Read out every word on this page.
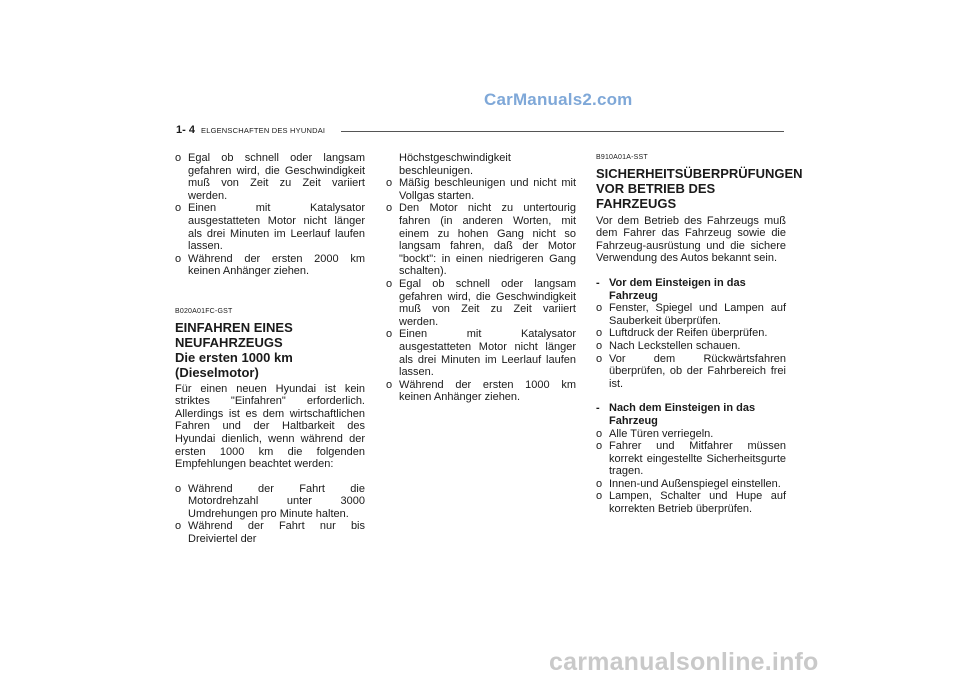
CarManuals2.com
1- 4 ELGENSCHAFTEN DES HYUNDAI
o Egal ob schnell oder langsam gefahren wird, die Geschwindigkeit muß von Zeit zu Zeit variiert werden.
o Einen mit Katalysator ausgestatteten Motor nicht länger als drei Minuten im Leerlauf laufen lassen.
o Während der ersten 2000 km keinen Anhänger ziehen.
B020A01FC-GST
EINFAHREN EINES
NEUFAHRZEUGS
Die ersten 1000 km
(Dieselmotor)
Für einen neuen Hyundai ist kein striktes "Einfahren" erforderlich. Allerdings ist es dem wirtschaftlichen Fahren und der Haltbarkeit des Hyundai dienlich, wenn während der ersten 1000 km die folgenden Empfehlungen beachtet werden:
o Während der Fahrt die Motordrehzahl unter 3000 Umdrehungen pro Minute halten.
o Während der Fahrt nur bis Dreiviertel der
Höchstgeschwindigkeit beschleunigen.
o Mäßig beschleunigen und nicht mit Vollgas starten.
o Den Motor nicht zu untertourig fahren (in anderen Worten, mit einem zu hohen Gang nicht so langsam fahren, daß der Motor "bockt": in einen niedrigeren Gang schalten).
o Egal ob schnell oder langsam gefahren wird, die Geschwindigkeit muß von Zeit zu Zeit variiert werden.
o Einen mit Katalysator ausgestatteten Motor nicht länger als drei Minuten im Leerlauf laufen lassen.
o Während der ersten 1000 km keinen Anhänger ziehen.
B910A01A-SST
SICHERHEITSÜBERPRÜFUNGEN
VOR BETRIEB DES
FAHRZEUGS
Vor dem Betrieb des Fahrzeugs muß dem Fahrer das Fahrzeug sowie die Fahrzeug-ausrüstung und die sichere Verwendung des Autos bekannt sein.
- Vor dem Einsteigen in das Fahrzeug
o Fenster, Spiegel und Lampen auf Sauberkeit überprüfen.
o Luftdruck der Reifen überprüfen.
o Nach Leckstellen schauen.
o Vor dem Rückwärtsfahren überprüfen, ob der Fahrbereich frei ist.
- Nach dem Einsteigen in das Fahrzeug
o Alle Türen verriegeln.
o Fahrer und Mitfahrer müssen korrekt eingestellte Sicherheitsgurte tragen.
o Innen-und Außenspiegel einstellen.
o Lampen, Schalter und Hupe auf korrekten Betrieb überprüfen.
carmanualsonline.info
